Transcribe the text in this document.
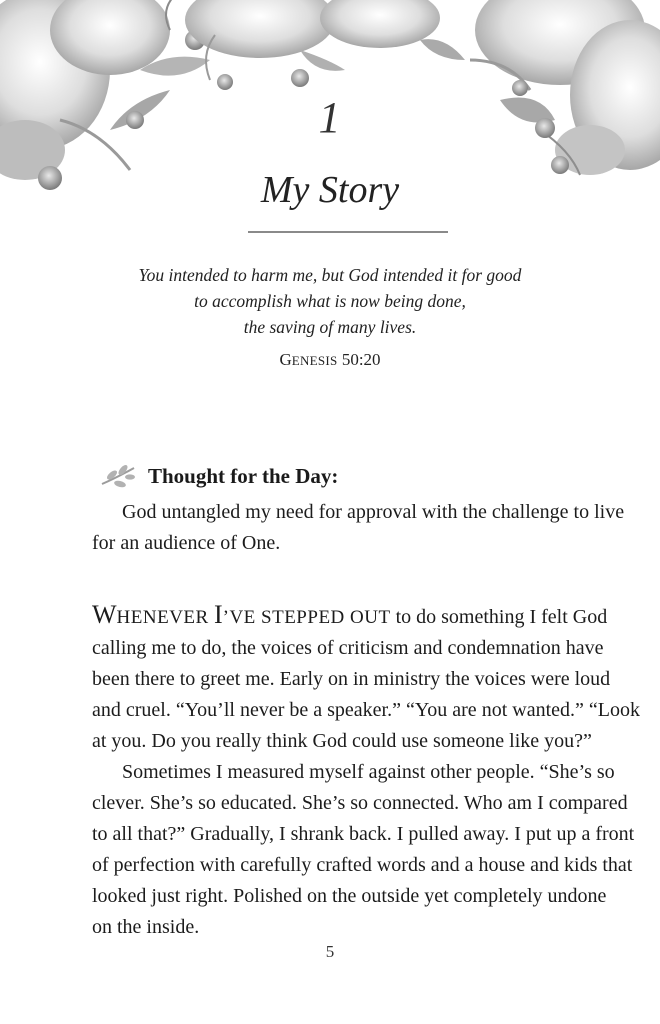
1
My Story
You intended to harm me, but God intended it for good
to accomplish what is now being done,
the saving of many lives.
GENESIS 50:20
Thought for the Day:
God untangled my need for approval with the challenge to live
for an audience of One.
WHENEVER I’VE STEPPED OUT to do something I felt God
calling me to do, the voices of criticism and condemnation have
been there to greet me. Early on in ministry the voices were loud
and cruel. “You’ll never be a speaker.” “You are not wanted.” “Look
at you. Do you really think God could use someone like you?”
Sometimes I measured myself against other people. “She’s so
clever. She’s so educated. She’s so connected. Who am I compared
to all that?” Gradually, I shrank back. I pulled away. I put up a front
of perfection with carefully crafted words and a house and kids that
looked just right. Polished on the outside yet completely undone
on the inside.
5
